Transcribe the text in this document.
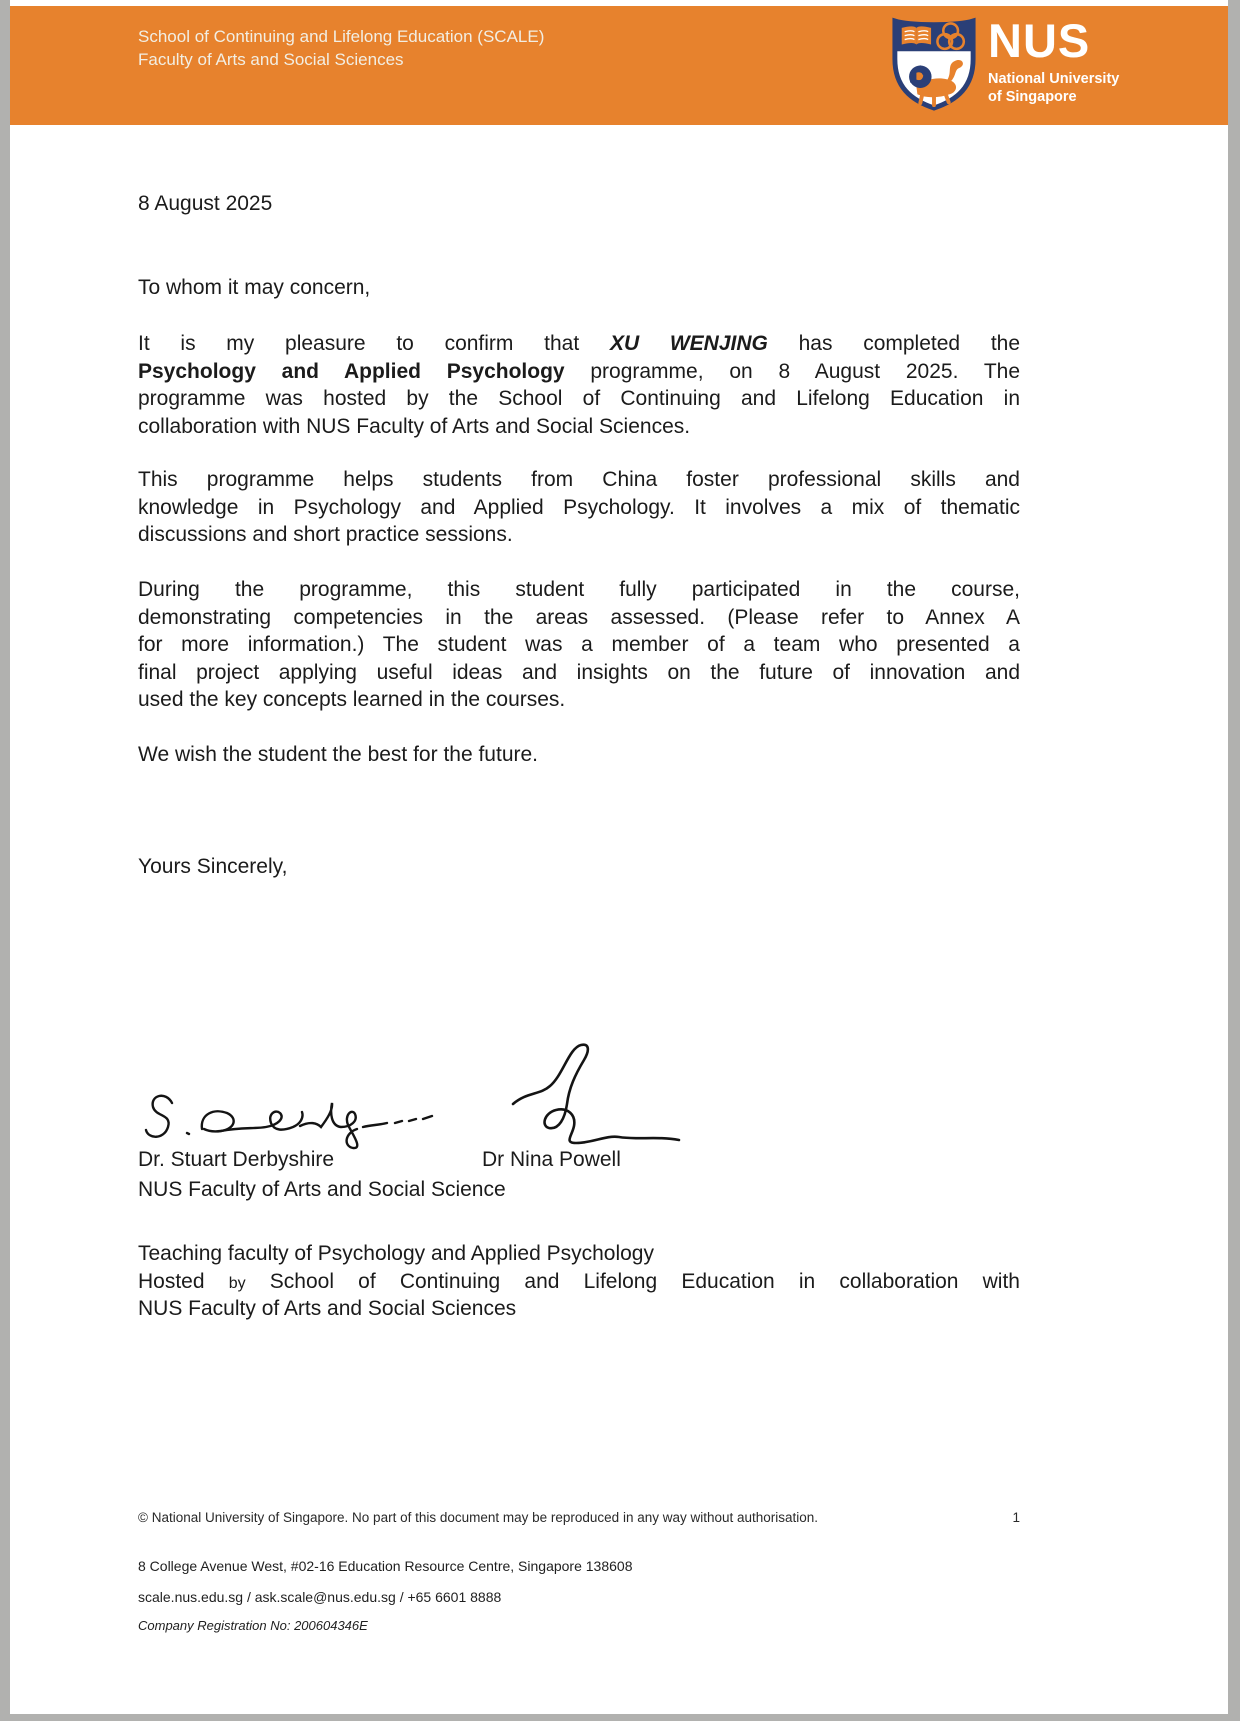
School of Continuing and Lifelong Education (SCALE)
Faculty of Arts and Social Sciences	NUS
National University
of Singapore
8 August 2025
To whom it may concern,
It is my pleasure to confirm that XU WENJING has completed the
Psychology and Applied Psychology programme, on 8 August 2025. The
programme was hosted by the School of Continuing and Lifelong Education in
collaboration with NUS Faculty of Arts and Social Sciences.
This programme helps students from China foster professional skills and
knowledge in Psychology and Applied Psychology. It involves a mix of thematic
discussions and short practice sessions.
During the programme, this student fully participated in the course,
demonstrating competencies in the areas assessed. (Please refer to Annex A
for more information.) The student was a member of a team who presented a
final project applying useful ideas and insights on the future of innovation and
used the key concepts learned in the courses.
We wish the student the best for the future.
Yours Sincerely,
Dr. Stuart Derbyshire	Dr Nina Powell
NUS Faculty of Arts and Social Science
Teaching faculty of Psychology and Applied Psychology
Hosted by School of Continuing and Lifelong Education in collaboration with
NUS Faculty of Arts and Social Sciences
© National University of Singapore. No part of this document may be reproduced in any way without authorisation.	1
8 College Avenue West, #02-16 Education Resource Centre, Singapore 138608
scale.nus.edu.sg / ask.scale@nus.edu.sg / +65 6601 8888
Company Registration No: 200604346E
